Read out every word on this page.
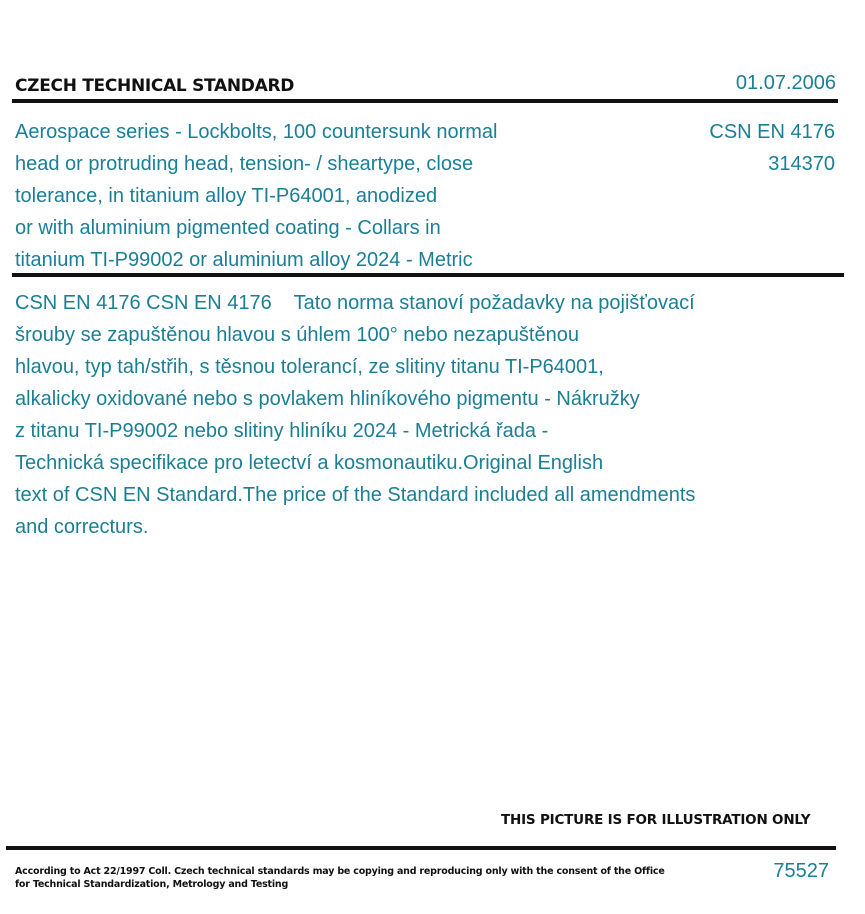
CZECH TECHNICAL STANDARD	01.07.2006
Aerospace series - Lockbolts, 100 countersunk normal
head or protruding head, tension- / sheartype, close
tolerance, in titanium alloy TI-P64001, anodized
or with aluminium pigmented coating - Collars in
titanium TI-P99002 or aluminium alloy 2024 - Metric
CSN EN 4176
314370
CSN EN 4176 CSN EN 4176    Tato norma stanoví požadavky na pojišťovací
šrouby se zapuštěnou hlavou s úhlem 100° nebo nezapuštěnou
hlavou, typ tah/střih, s těsnou tolerancí, ze slitiny titanu TI-P64001,
alkalicky oxidované nebo s povlakem hliníkového pigmentu - Nákružky
z titanu TI-P99002 nebo slitiny hliníku 2024 - Metrická řada -
Technická specifikace pro letectví a kosmonautiku.Original English
text of CSN EN Standard.The price of the Standard included all amendments
and correcturs.
THIS PICTURE IS FOR ILLUSTRATION ONLY
According to Act 22/1997 Coll. Czech technical standards may be copying and reproducing only with the consent of the Office
for Technical Standardization, Metrology and Testing
75527
